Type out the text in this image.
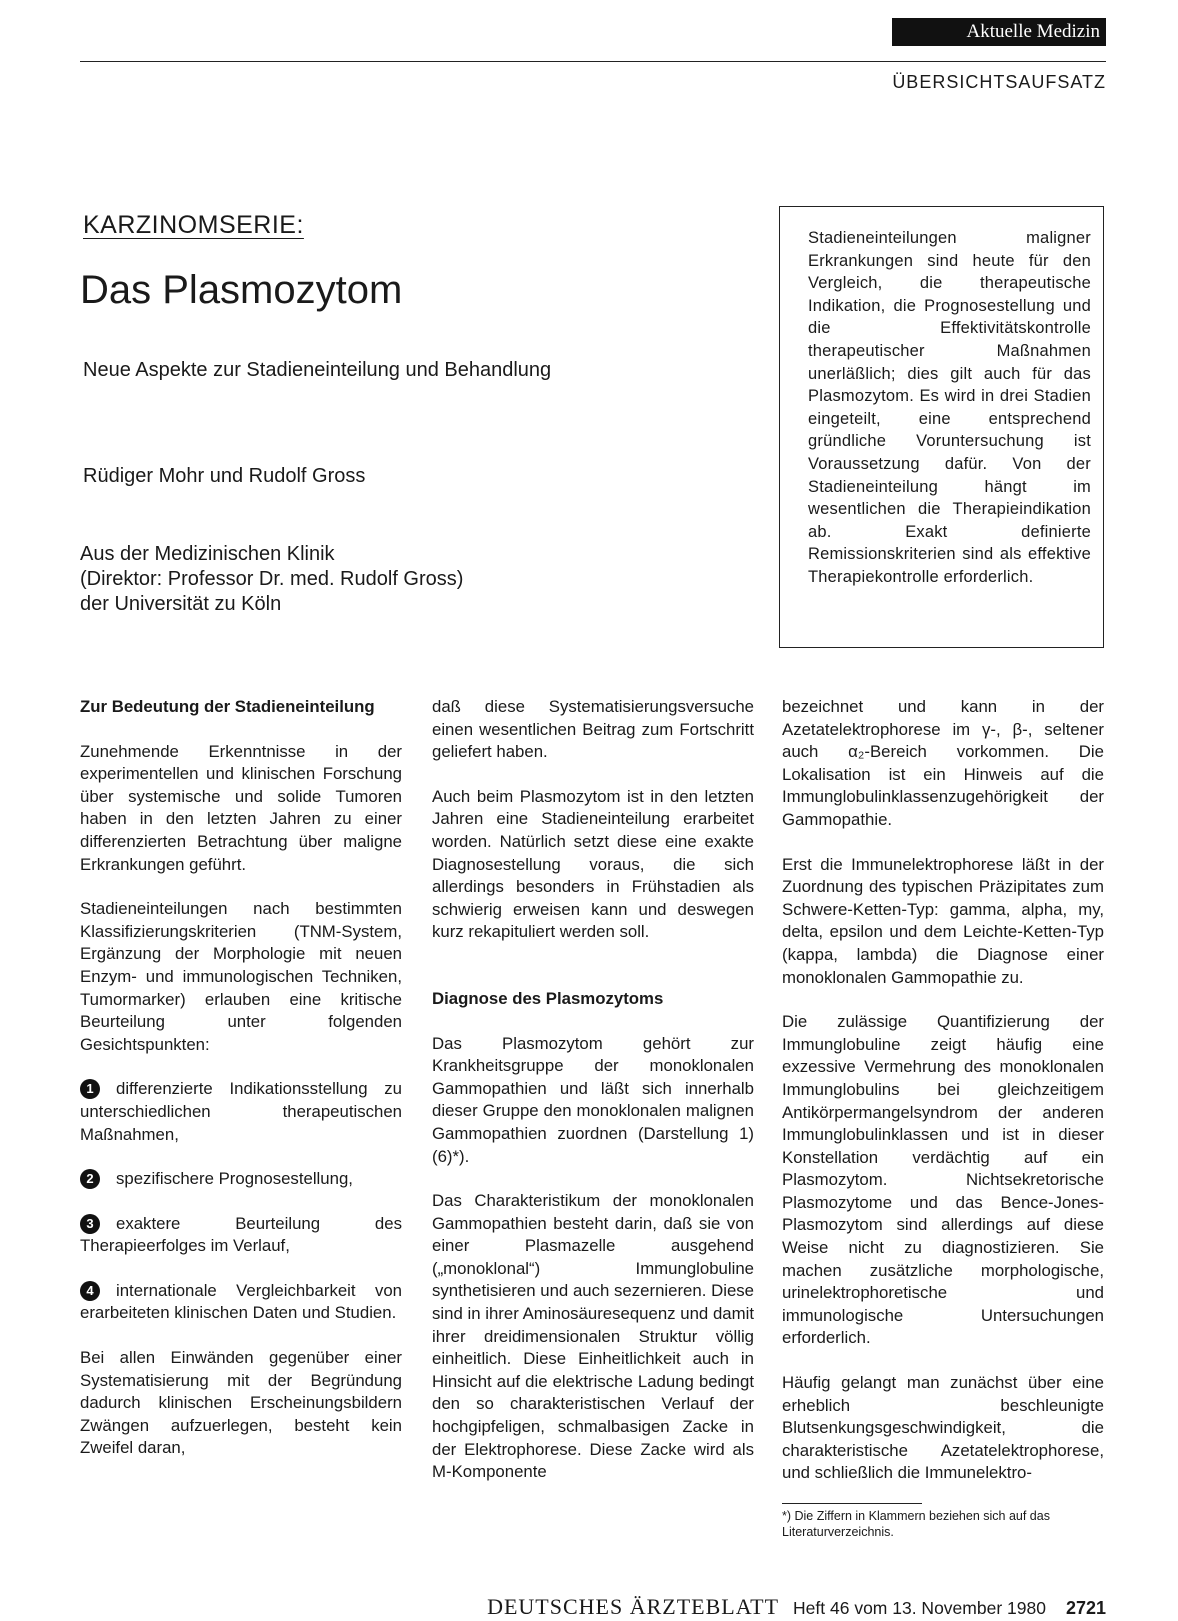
Aktuelle Medizin
ÜBERSICHTSAUFSATZ
KARZINOMSERIE:
Das Plasmozytom
Neue Aspekte zur Stadieneinteilung und Behandlung
Rüdiger Mohr und Rudolf Gross
Aus der Medizinischen Klinik
(Direktor: Professor Dr. med. Rudolf Gross)
der Universität zu Köln
Stadieneinteilungen maligner Erkrankungen sind heute für den Vergleich, die therapeutische Indikation, die Prognosestellung und die Effektivitätskontrolle therapeutischer Maßnahmen unerläßlich; dies gilt auch für das Plasmozytom. Es wird in drei Stadien eingeteilt, eine entsprechend gründliche Voruntersuchung ist Voraussetzung dafür. Von der Stadieneinteilung hängt im wesentlichen die Therapieindikation ab. Exakt definierte Remissionskriterien sind als effektive Therapiekontrolle erforderlich.
Zur Bedeutung der Stadieneinteilung

Zunehmende Erkenntnisse in der experimentellen und klinischen Forschung über systemische und solide Tumoren haben in den letzten Jahren zu einer differenzierten Betrachtung über maligne Erkrankungen geführt.

Stadieneinteilungen nach bestimmten Klassifizierungskriterien (TNM-System, Ergänzung der Morphologie mit neuen Enzym- und immunologischen Techniken, Tumormarker) erlauben eine kritische Beurteilung unter folgenden Gesichtspunkten:

1 differenzierte Indikationsstellung zu unterschiedlichen therapeutischen Maßnahmen,

2 spezifischere Prognosestellung,

3 exaktere Beurteilung des Therapieerfolges im Verlauf,

4 internationale Vergleichbarkeit von erarbeiteten klinischen Daten und Studien.

Bei allen Einwänden gegenüber einer Systematisierung mit der Begründung dadurch klinischen Erscheinungsbildern Zwängen aufzuerlegen, besteht kein Zweifel daran,

daß diese Systematisierungsversuche einen wesentlichen Beitrag zum Fortschritt geliefert haben.

Auch beim Plasmozytom ist in den letzten Jahren eine Stadieneinteilung erarbeitet worden. Natürlich setzt diese eine exakte Diagnosestellung voraus, die sich allerdings besonders in Frühstadien als schwierig erweisen kann und deswegen kurz rekapituliert werden soll.

Diagnose des Plasmozytoms

Das Plasmozytom gehört zur Krankheitsgruppe der monoklonalen Gammopathien und läßt sich innerhalb dieser Gruppe den monoklonalen malignen Gammopathien zuordnen (Darstellung 1) (6)*).

Das Charakteristikum der monoklonalen Gammopathien besteht darin, daß sie von einer Plasmazelle ausgehend („monoklonal“) Immunglobuline synthetisieren und auch sezernieren. Diese sind in ihrer Aminosäuresequenz und damit ihrer dreidimensionalen Struktur völlig einheitlich. Diese Einheitlichkeit auch in Hinsicht auf die elektrische Ladung bedingt den so charakteristischen Verlauf der hochgipfeligen, schmalbasigen Zacke in der Elektrophorese. Diese Zacke wird als M-Komponente

bezeichnet und kann in der Azetatelektrophorese im γ-, β-, seltener auch α₂-Bereich vorkommen. Die Lokalisation ist ein Hinweis auf die Immunglobulinklassenzugehörigkeit der Gammopathie.

Erst die Immunelektrophorese läßt in der Zuordnung des typischen Präzipitates zum Schwere-Ketten-Typ: gamma, alpha, my, delta, epsilon und dem Leichte-Ketten-Typ (kappa, lambda) die Diagnose einer monoklonalen Gammopathie zu.

Die zulässige Quantifizierung der Immunglobuline zeigt häufig eine exzessive Vermehrung des monoklonalen Immunglobulins bei gleichzeitigem Antikörpermangelsyndrom der anderen Immunglobulinklassen und ist in dieser Konstellation verdächtig auf ein Plasmozytom. Nichtsekretorische Plasmozytome und das Bence-Jones-Plasmozytom sind allerdings auf diese Weise nicht zu diagnostizieren. Sie machen zusätzliche morphologische, urinelektrophoretische und immunologische Untersuchungen erforderlich.

Häufig gelangt man zunächst über eine erheblich beschleunigte Blutsenkungsgeschwindigkeit, die charakteristische Azetatelektrophorese, und schließlich die Immunelektro-

*) Die Ziffern in Klammern beziehen sich auf das Literaturverzeichnis.
DEUTSCHES ÄRZTEBLATT Heft 46 vom 13. November 1980 2721
